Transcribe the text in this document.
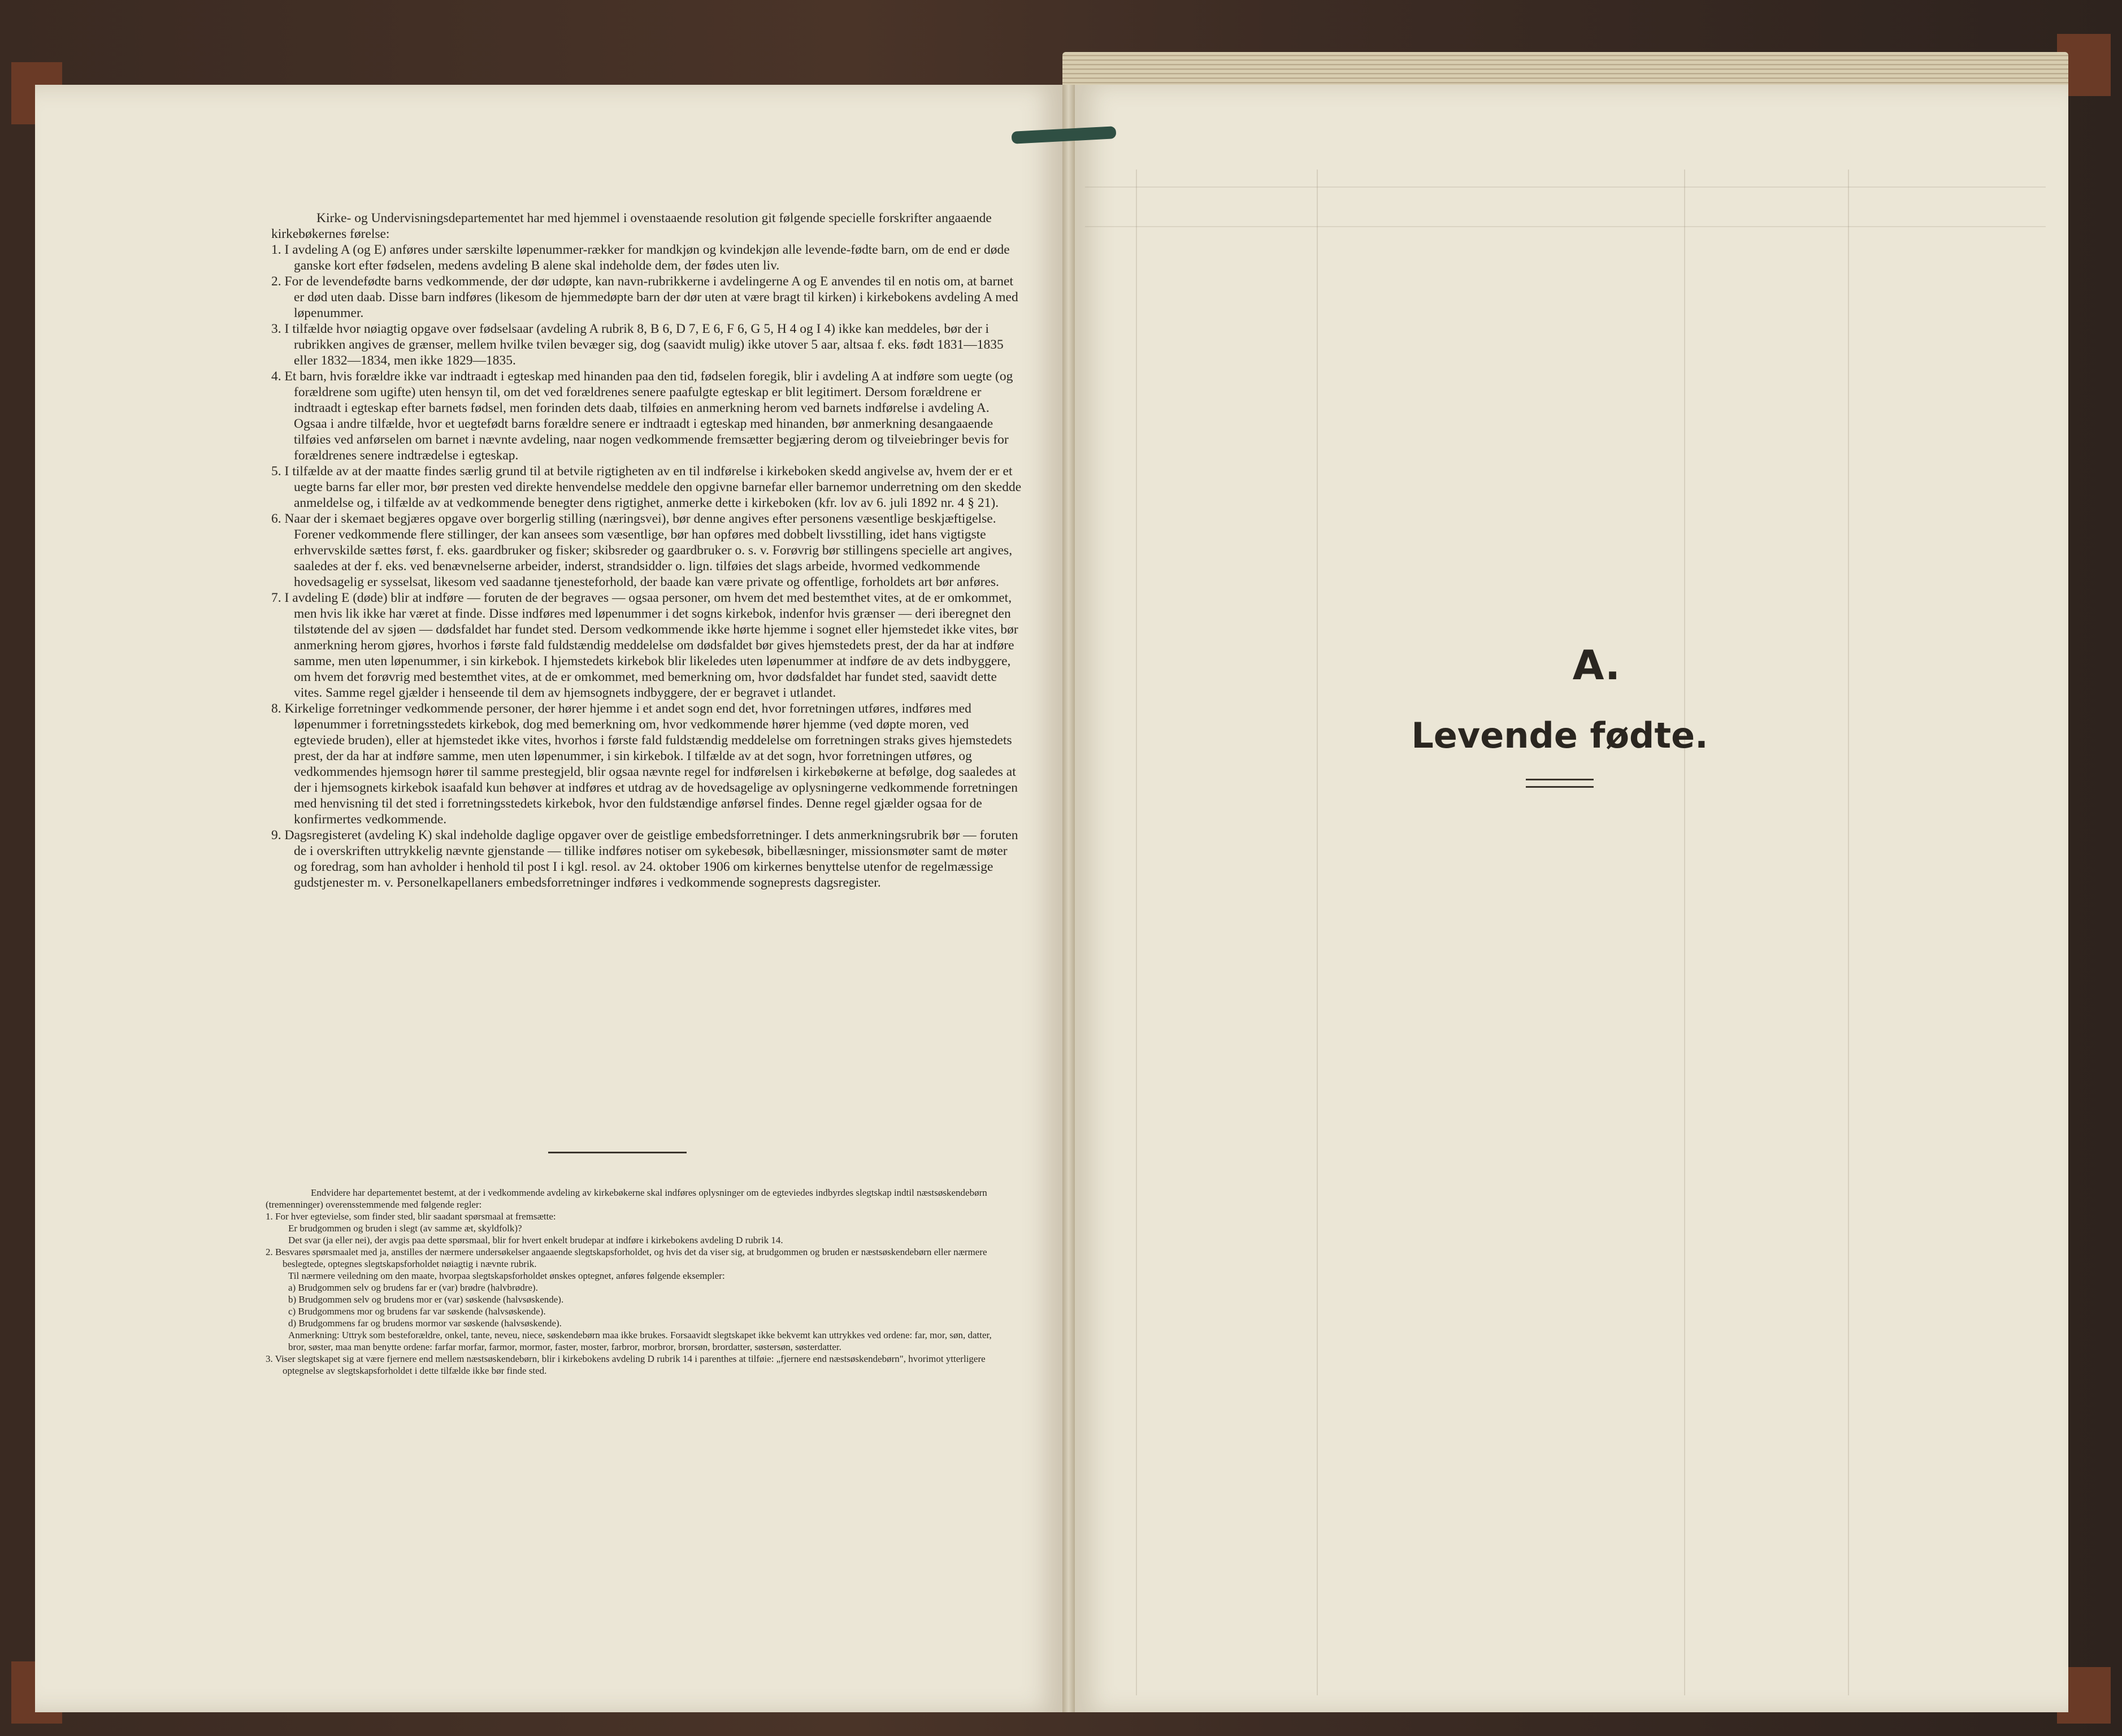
Kirke- og Undervisningsdepartementet har med hjemmel i ovenstaaende resolution git følgende specielle forskrifter angaaende kirkebøkernes førelse:

1. I avdeling A (og E) anføres under særskilte løpenummer-rækker for mandkjøn og kvindekjøn alle levende-fødte barn, om de end er døde ganske kort efter fødselen, medens avdeling B alene skal indeholde dem, der fødes uten liv.

2. For de levendefødte barns vedkommende, der dør udøpte, kan navn-rubrikkerne i avdelingerne A og E anvendes til en notis om, at barnet er død uten daab. Disse barn indføres (likesom de hjemmedøpte barn der dør uten at være bragt til kirken) i kirkebokens avdeling A med løpenummer.

3. I tilfælde hvor nøiagtig opgave over fødselsaar (avdeling A rubrik 8, B 6, D 7, E 6, F 6, G 5, H 4 og I 4) ikke kan meddeles, bør der i rubrikken angives de grænser, mellem hvilke tvilen bevæger sig, dog (saavidt mulig) ikke utover 5 aar, altsaa f. eks. født 1831—1835 eller 1832—1834, men ikke 1829—1835.

4. Et barn, hvis forældre ikke var indtraadt i egteskap med hinanden paa den tid, fødselen foregik, blir i avdeling A at indføre som uegte (og forældrene som ugifte) uten hensyn til, om det ved forældrenes senere paafulgte egteskap er blit legitimert. Dersom forældrene er indtraadt i egteskap efter barnets fødsel, men forinden dets daab, tilføies en anmerkning herom ved barnets indførelse i avdeling A. Ogsaa i andre tilfælde, hvor et uegtefødt barns forældre senere er indtraadt i egteskap med hinanden, bør anmerkning desangaaende tilføies ved anførselen om barnet i nævnte avdeling, naar nogen vedkommende fremsætter begjæring derom og tilveiebringer bevis for forældrenes senere indtrædelse i egteskap.

5. I tilfælde av at der maatte findes særlig grund til at betvile rigtigheten av en til indførelse i kirkeboken skedd angivelse av, hvem der er et uegte barns far eller mor, bør presten ved direkte henvendelse meddele den opgivne barnefar eller barnemor underretning om den skedde anmeldelse og, i tilfælde av at vedkommende benegter dens rigtighet, anmerke dette i kirkeboken (kfr. lov av 6. juli 1892 nr. 4 § 21).

6. Naar der i skemaet begjæres opgave over borgerlig stilling (næringsvei), bør denne angives efter personens væsentlige beskjæftigelse. Forener vedkommende flere stillinger, der kan ansees som væsentlige, bør han opføres med dobbelt livsstilling, idet hans vigtigste erhvervskilde sættes først, f. eks. gaardbruker og fisker; skibsreder og gaardbruker o. s. v. Forøvrig bør stillingens specielle art angives, saaledes at der f. eks. ved benævnelserne arbeider, inderst, strandsidder o. lign. tilføies det slags arbeide, hvormed vedkommende hovedsagelig er sysselsat, likesom ved saadanne tjenesteforhold, der baade kan være private og offentlige, forholdets art bør anføres.

7. I avdeling E (døde) blir at indføre — foruten de der begraves — ogsaa personer, om hvem det med bestemthet vites, at de er omkommet, men hvis lik ikke har været at finde. Disse indføres med løpenummer i det sogns kirkebok, indenfor hvis grænser — deri iberegnet den tilstøtende del av sjøen — dødsfaldet har fundet sted. Dersom vedkommende ikke hørte hjemme i sognet eller hjemstedet ikke vites, bør anmerkning herom gjøres, hvorhos i første fald fuldstændig meddelelse om dødsfaldet bør gives hjemstedets prest, der da har at indføre samme, men uten løpenummer, i sin kirkebok. I hjemstedets kirkebok blir likeledes uten løpenummer at indføre de av dets indbyggere, om hvem det forøvrig med bestemthet vites, at de er omkommet, med bemerkning om, hvor dødsfaldet har fundet sted, saavidt dette vites. Samme regel gjælder i henseende til dem av hjemsognets indbyggere, der er begravet i utlandet.

8. Kirkelige forretninger vedkommende personer, der hører hjemme i et andet sogn end det, hvor forretningen utføres, indføres med løpenummer i forretningsstedets kirkebok, dog med bemerkning om, hvor vedkommende hører hjemme (ved døpte moren, ved egteviede bruden), eller at hjemstedet ikke vites, hvorhos i første fald fuldstændig meddelelse om forretningen straks gives hjemstedets prest, der da har at indføre samme, men uten løpenummer, i sin kirkebok. I tilfælde av at det sogn, hvor forretningen utføres, og vedkommendes hjemsogn hører til samme prestegjeld, blir ogsaa nævnte regel for indførelsen i kirkebøkerne at befølge, dog saaledes at der i hjemsognets kirkebok isaafald kun behøver at indføres et utdrag av de hovedsagelige av oplysningerne vedkommende forretningen med henvisning til det sted i forretningsstedets kirkebok, hvor den fuldstændige anførsel findes. Denne regel gjælder ogsaa for de konfirmertes vedkommende.

9. Dagsregisteret (avdeling K) skal indeholde daglige opgaver over de geistlige embedsforretninger. I dets anmerkningsrubrik bør — foruten de i overskriften uttrykkelig nævnte gjenstande — tillike indføres notiser om sykebesøk, bibellæsninger, missionsmøter samt de møter og foredrag, som han avholder i henhold til post I i kgl. resol. av 24. oktober 1906 om kirkernes benyttelse utenfor de regelmæssige gudstjenester m. v. Personelkapellaners embedsforretninger indføres i vedkommende sogneprests dagsregister.

Endvidere har departementet bestemt, at der i vedkommende avdeling av kirkebøkerne skal indføres oplysninger om de egteviedes indbyrdes slegtskap indtil næstsøskendebørn (tremenninger) overensstemmende med følgende regler:

1. For hver egtevielse, som finder sted, blir saadant spørsmaal at fremsætte:

Er brudgommen og bruden i slegt (av samme æt, skyldfolk)?

Det svar (ja eller nei), der avgis paa dette spørsmaal, blir for hvert enkelt brudepar at indføre i kirkebokens avdeling D rubrik 14.

2. Besvares spørsmaalet med ja, anstilles der nærmere undersøkelser angaaende slegtskapsforholdet, og hvis det da viser sig, at brudgommen og bruden er næstsøskendebørn eller nærmere beslegtede, optegnes slegtskapsforholdet nøiagtig i nævnte rubrik.

Til nærmere veiledning om den maate, hvorpaa slegtskapsforholdet ønskes optegnet, anføres følgende eksempler:

a) Brudgommen selv og brudens far er (var) brødre (halvbrødre).

b) Brudgommen selv og brudens mor er (var) søskende (halvsøskende).

c) Brudgommens mor og brudens far var søskende (halvsøskende).

d) Brudgommens far og brudens mormor var søskende (halvsøskende).

Anmerkning: Uttryk som besteforældre, onkel, tante, neveu, niece, søskendebørn maa ikke brukes. Forsaavidt slegtskapet ikke bekvemt kan uttrykkes ved ordene: far, mor, søn, datter, bror, søster, maa man benytte ordene: farfar morfar, farmor, mormor, faster, moster, farbror, morbror, brorsøn, brordatter, søstersøn, søsterdatter.

3. Viser slegtskapet sig at være fjernere end mellem næstsøskendebørn, blir i kirkebokens avdeling D rubrik 14 i parenthes at tilføie: „fjernere end næstsøskendebørn", hvorimot ytterligere optegnelse av slegtskapsforholdet i dette tilfælde ikke bør finde sted.

A.
Levende fødte.
